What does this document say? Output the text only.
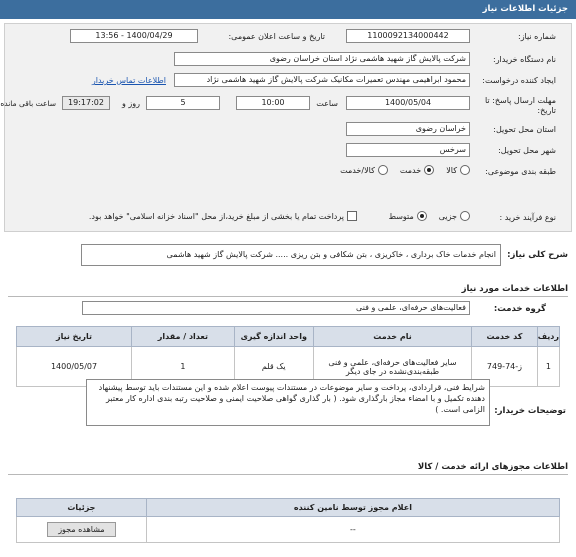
جزئیات اطلاعات نیاز
شماره نیاز:
1100092134000442
تاریخ و ساعت اعلان عمومی:
1400/04/29 - 13:56
نام دستگاه خریدار:
شرکت پالایش گاز شهید هاشمی نژاد استان خراسان رضوی
ایجاد کننده درخواست:
محمود ابراهیمی مهندس تعمیرات مکانیک شرکت پالایش گاز شهید هاشمی نژاد
اطلاعات تماس خریدار
مهلت ارسال پاسخ: تا
تاریخ:
1400/05/04
ساعت
10:00
5
روز و
19:17:02
ساعت باقی مانده
استان محل تحویل:
خراسان رضوی
شهر محل تحویل:
سرخس
طبقه بندی موضوعی:
کالا
خدمت
کالا/خدمت
نوع فرآیند خرید :
جزیی
متوسط
پرداخت تمام یا بخشی از مبلغ خرید،از محل "اسناد خزانه اسلامی" خواهد بود.
شرح کلی نیاز:
انجام خدمات خاک برداری ، خاکریزی ، بتن شکافی و بتن ریزی ..... شرکت پالایش گاز شهید هاشمی
اطلاعات خدمات مورد نیاز
گروه خدمت:
فعالیت‌های حرفه‌ای، علمی و فنی
ردیف	کد خدمت	نام خدمت	واحد اندازه گیری	تعداد / مقدار	تاریخ نیاز
1	ز-74-749	سایر فعالیت‌های حرفه‌ای، علمی و فنی طبقه‌بندی‌نشده در جای دیگر	یک قلم	1	1400/05/07
توضیحات خریدار:
شرایط فنی، قراردادی، پرداخت و سایر موضوعات در مستندات پیوست اعلام شده و این مستندات باید توسط پیشنهاد دهنده تکمیل و با امضاء مجاز بارگذاری شود. ( بار گذاری گواهی صلاحیت ایمنی و صلاحیت رتبه بندی اداره کار معتبر الزامی است. )
اطلاعات مجوزهای ارائه خدمت / کالا
اعلام مجوز توسط نامین کننده	جزئیات
--	مشاهده مجوز
